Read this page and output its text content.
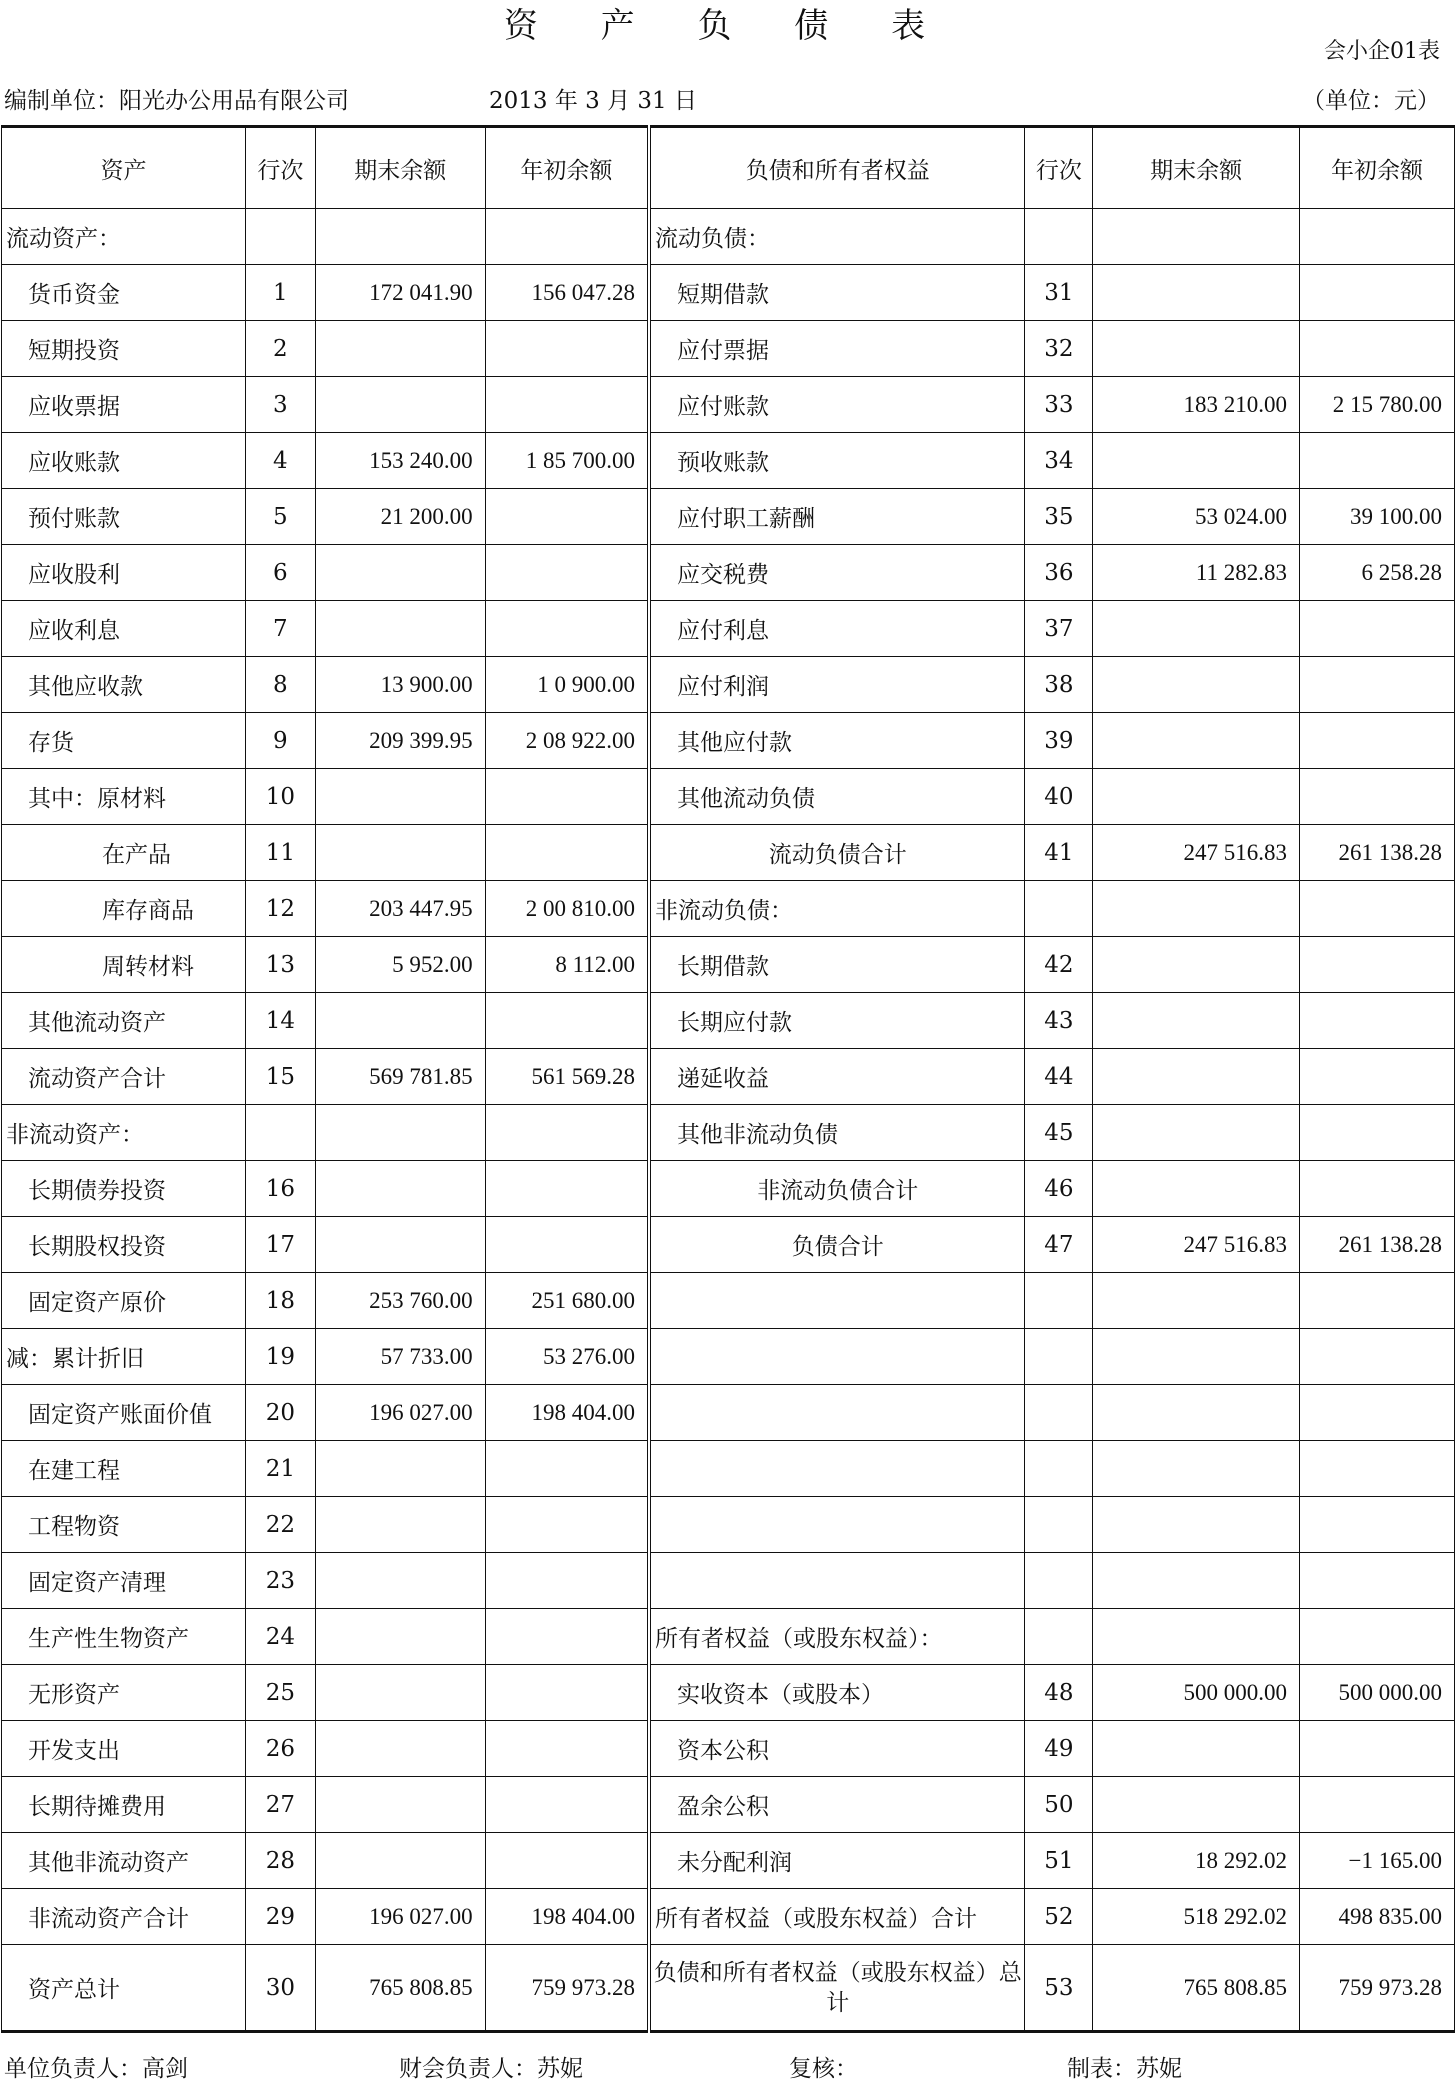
资 产 负 债 表
会小企01表
编制单位：阳光办公用品有限公司	2013 年 3 月 31 日	（单位：元）
资产	行次	期末余额	年初余额	负债和所有者权益	行次	期末余额	年初余额
流动资产：				流动负债：			
货币资金	1	172 041.90	156 047.28	短期借款	31		
短期投资	2			应付票据	32		
应收票据	3			应付账款	33	183 210.00	2 15 780.00
应收账款	4	153 240.00	1 85 700.00	预收账款	34		
预付账款	5	21 200.00		应付职工薪酬	35	53 024.00	39 100.00
应收股利	6			应交税费	36	11 282.83	6 258.28
应收利息	7			应付利息	37		
其他应收款	8	13 900.00	1 0 900.00	应付利润	38		
存货	9	209 399.95	2 08 922.00	其他应付款	39		
其中：原材料	10			其他流动负债	40		
在产品	11			流动负债合计	41	247 516.83	261 138.28
库存商品	12	203 447.95	2 00 810.00	非流动负债：			
周转材料	13	5 952.00	8 112.00	长期借款	42		
其他流动资产	14			长期应付款	43		
流动资产合计	15	569 781.85	561 569.28	递延收益	44		
非流动资产：				其他非流动负债	45		
长期债券投资	16			非流动负债合计	46		
长期股权投资	17			负债合计	47	247 516.83	261 138.28
固定资产原价	18	253 760.00	251 680.00				
减：累计折旧	19	57 733.00	53 276.00				
固定资产账面价值	20	196 027.00	198 404.00				
在建工程	21						
工程物资	22						
固定资产清理	23						
生产性生物资产	24			所有者权益（或股东权益）：			
无形资产	25			实收资本（或股本）	48	500 000.00	500 000.00
开发支出	26			资本公积	49		
长期待摊费用	27			盈余公积	50		
其他非流动资产	28			未分配利润	51	18 292.02	−1 165.00
非流动资产合计	29	196 027.00	198 404.00	所有者权益（或股东权益）合计	52	518 292.02	498 835.00
资产总计	30	765 808.85	759 973.28	负债和所有者权益（或股东权益）总计	53	765 808.85	759 973.28
单位负责人：高剑	财会负责人：苏妮	复核：	制表：苏妮
